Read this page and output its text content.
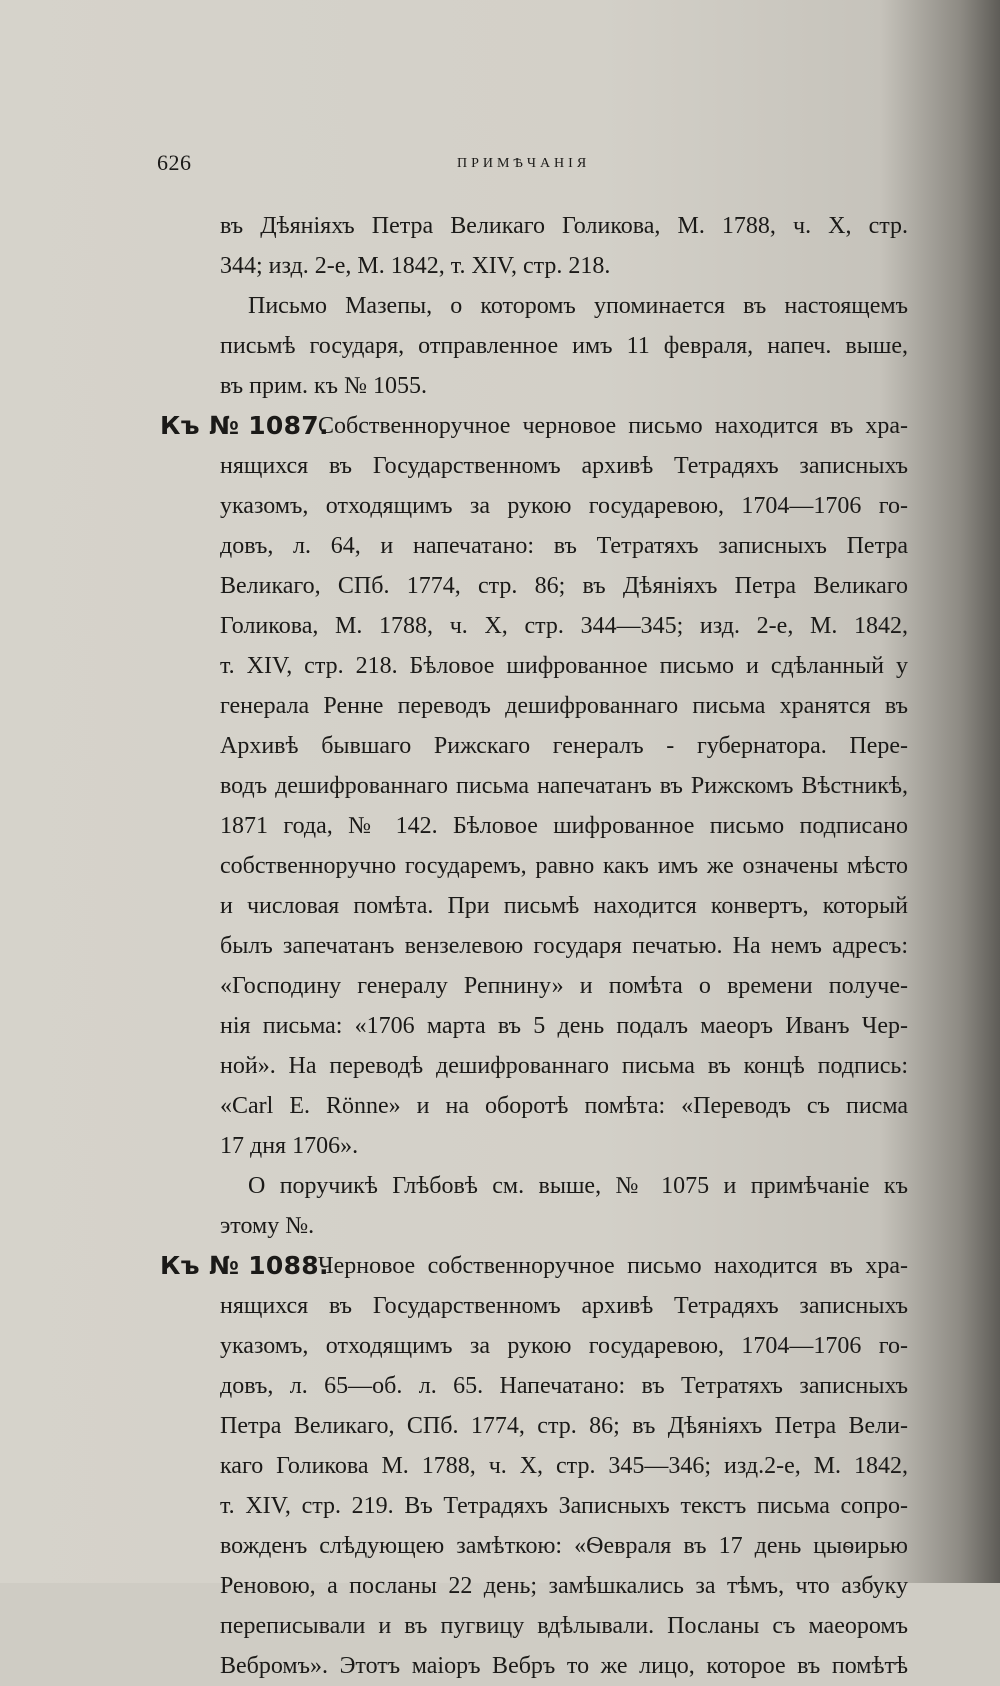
626	ПРИМѢЧАНІЯ
въ Дѣяніяхъ Петра Великаго Голикова, М. 1788, ч. X, стр.
344; изд. 2-е, М. 1842, т. XIV, стр. 218.
Письмо Мазепы, о которомъ упоминается въ настоящемъ
письмѣ государя, отправленное имъ 11 февраля, напеч. выше,
въ прим. къ № 1055.
Къ № 1087.
Собственноручное черновое письмо находится въ хра-
нящихся въ Государственномъ архивѣ Тетрадяхъ записныхъ
указомъ, отходящимъ за рукою государевою, 1704—1706 го-
довъ, л. 64, и напечатано: въ Тетратяхъ записныхъ Петра
Великаго, СПб. 1774, стр. 86; въ Дѣяніяхъ Петра Великаго
Голикова, М. 1788, ч. X, стр. 344—345; изд. 2-е, М. 1842,
т. XIV, стр. 218. Бѣловое шифрованное письмо и сдѣланный у
генерала Ренне переводъ дешифрованнаго письма хранятся въ
Архивѣ бывшаго Рижскаго генералъ - губернатора. Пере-
водъ дешифрованнаго письма напечатанъ въ Рижскомъ Вѣстникѣ,
1871 года, № 142. Бѣловое шифрованное письмо подписано
собственноручно государемъ, равно какъ имъ же означены мѣсто
и числовая помѣта. При письмѣ находится конвертъ, который
былъ запечатанъ вензелевою государя печатью. На немъ адресъ:
«Господину генералу Репнину» и помѣта о времени получе-
нія письма: «1706 марта въ 5 день подалъ маеоръ Иванъ Чер-
ной». На переводѣ дешифрованнаго письма въ концѣ подпись:
«Carl E. Rönne» и на оборотѣ помѣта: «Переводъ съ писма
17 дня 1706».
О поручикѣ Глѣбовѣ см. выше, № 1075 и примѣчаніе къ
этому №.
Къ № 1088.
Черновое собственноручное письмо находится въ хра-
нящихся въ Государственномъ архивѣ Тетрадяхъ записныхъ
указомъ, отходящимъ за рукою государевою, 1704—1706 го-
довъ, л. 65—об. л. 65. Напечатано: въ Тетратяхъ записныхъ
Петра Великаго, СПб. 1774, стр. 86; въ Дѣяніяхъ Петра Вели-
каго Голикова М. 1788, ч. X, стр. 345—346; изд.2-е, М. 1842,
т. XIV, стр. 219. Въ Тетрадяхъ Записныхъ текстъ письма сопро-
вожденъ слѣдующею замѣткою: «Ѳевраля въ 17 день цыѳирью
Реновою, а посланы 22 день; замѣшкались за тѣмъ, что азбуку
переписывали и въ пугвицу вдѣлывали. Посланы съ маеоромъ
Вебромъ». Этотъ маіоръ Вебръ то же лицо, которое въ помѣтѣ
